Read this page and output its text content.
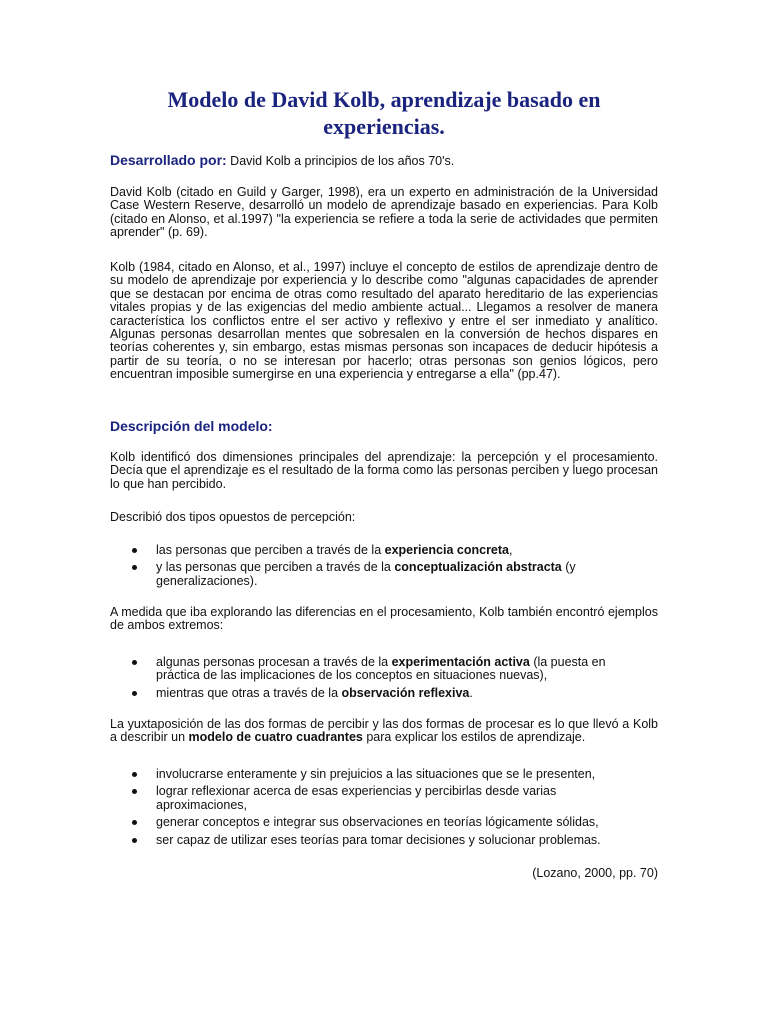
Modelo de David Kolb, aprendizaje basado en experiencias.
Desarrollado por: David Kolb a principios de los años 70's.
David Kolb (citado en Guild y Garger, 1998), era un experto en administración de la Universidad Case Western Reserve, desarrolló un modelo de aprendizaje basado en experiencias. Para Kolb (citado en Alonso, et al.1997) "la experiencia se refiere a toda la serie de actividades que permiten aprender" (p. 69).
Kolb (1984, citado en Alonso, et al., 1997) incluye el concepto de estilos de aprendizaje dentro de su modelo de aprendizaje por experiencia y lo describe como "algunas capacidades de aprender que se destacan por encima de otras como resultado del aparato hereditario de las experiencias vitales propias y de las exigencias del medio ambiente actual... Llegamos a resolver de manera característica los conflictos entre el ser activo y reflexivo y entre el ser inmediato y analítico. Algunas personas desarrollan mentes que sobresalen en la conversión de hechos dispares en teorías coherentes y, sin embargo, estas mismas personas son incapaces de deducir hipótesis a partir de su teoría, o no se interesan por hacerlo; otras personas son genios lógicos, pero encuentran imposible sumergirse en una experiencia y entregarse a ella" (pp.47).
Descripción del modelo:
Kolb identificó dos dimensiones principales del aprendizaje: la percepción y el procesamiento. Decía que el aprendizaje es el resultado de la forma como las personas perciben y luego procesan lo que han percibido.
Describió dos tipos opuestos de percepción:
las personas que perciben a través de la experiencia concreta,
y las personas que perciben a través de la conceptualización abstracta (y generalizaciones).
A medida que iba explorando las diferencias en el procesamiento, Kolb también encontró ejemplos de ambos extremos:
algunas personas procesan a través de la experimentación activa (la puesta en práctica de las implicaciones de los conceptos en situaciones nuevas),
mientras que otras a través de la observación reflexiva.
La yuxtaposición de las dos formas de percibir y las dos formas de procesar es lo que llevó a Kolb a describir un modelo de cuatro cuadrantes para explicar los estilos de aprendizaje.
involucrarse enteramente y sin prejuicios a las situaciones que se le presenten,
lograr reflexionar acerca de esas experiencias y percibirlas desde varias aproximaciones,
generar conceptos e integrar sus observaciones en teorías lógicamente sólidas,
ser capaz de utilizar eses teorías para tomar decisiones y solucionar problemas.
(Lozano, 2000, pp. 70)
